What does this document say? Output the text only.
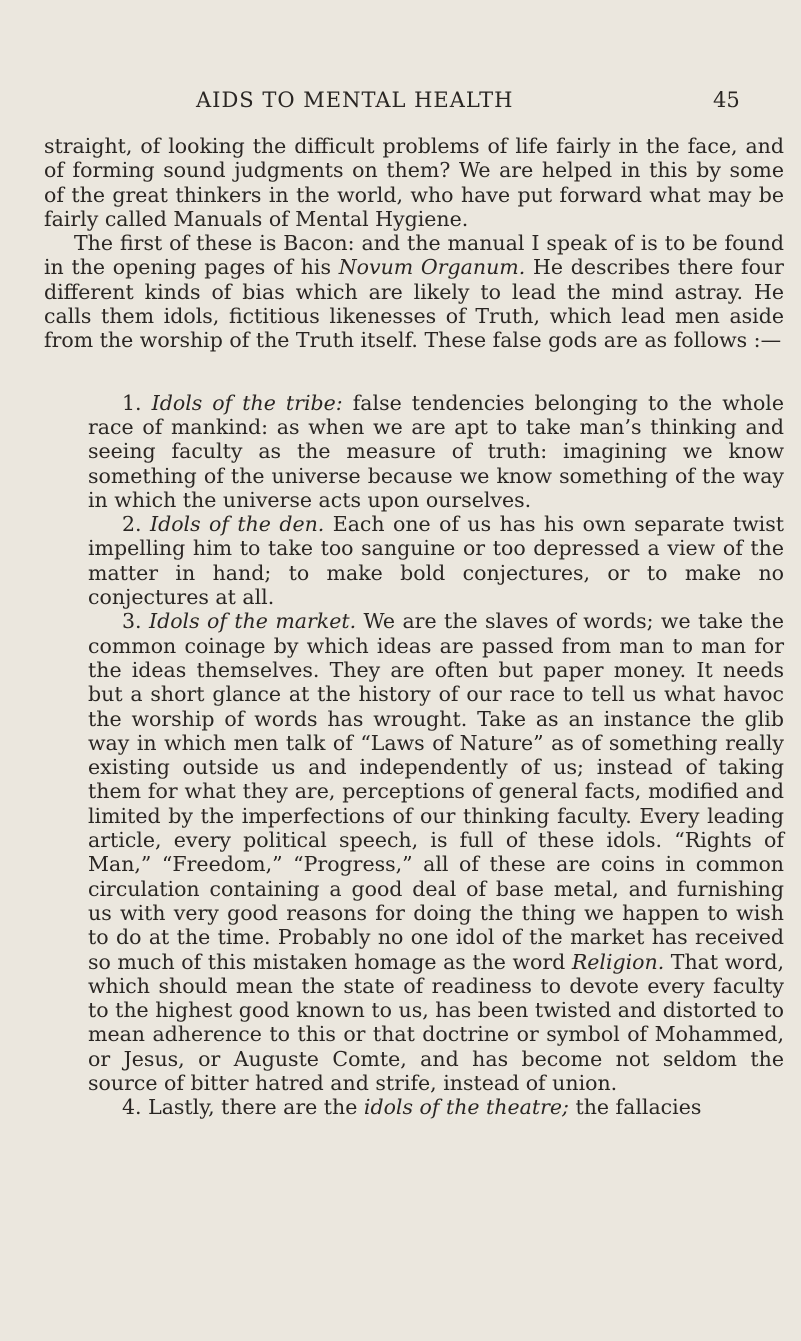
AIDS TO MENTAL HEALTH	45

straight, of looking the difficult problems of life fairly in the face, and of forming sound judgments on them? We are helped in this by some of the great thinkers in the world, who have put forward what may be fairly called Manuals of Mental Hygiene.

The first of these is Bacon: and the manual I speak of is to be found in the opening pages of his Novum Organum. He describes there four different kinds of bias which are likely to lead the mind astray. He calls them idols, fictitious likenesses of Truth, which lead men aside from the worship of the Truth itself. These false gods are as follows :—

1. Idols of the tribe: false tendencies belonging to the whole race of mankind: as when we are apt to take man’s thinking and seeing faculty as the measure of truth: imagining we know something of the universe because we know something of the way in which the universe acts upon ourselves.

2. Idols of the den. Each one of us has his own separate twist impelling him to take too sanguine or too depressed a view of the matter in hand; to make bold conjectures, or to make no conjectures at all.

3. Idols of the market. We are the slaves of words; we take the common coinage by which ideas are passed from man to man for the ideas themselves. They are often but paper money. It needs but a short glance at the history of our race to tell us what havoc the worship of words has wrought. Take as an instance the glib way in which men talk of “Laws of Nature” as of something really existing outside us and independently of us; instead of taking them for what they are, perceptions of general facts, modified and limited by the imperfections of our thinking faculty. Every leading article, every political speech, is full of these idols. “Rights of Man,” “Freedom,” “Progress,” all of these are coins in common circulation containing a good deal of base metal, and furnishing us with very good reasons for doing the thing we happen to wish to do at the time. Probably no one idol of the market has received so much of this mistaken homage as the word Religion. That word, which should mean the state of readiness to devote every faculty to the highest good known to us, has been twisted and distorted to mean adherence to this or that doctrine or symbol of Mohammed, or Jesus, or Auguste Comte, and has become not seldom the source of bitter hatred and strife, instead of union.

4. Lastly, there are the idols of the theatre; the fallacies
